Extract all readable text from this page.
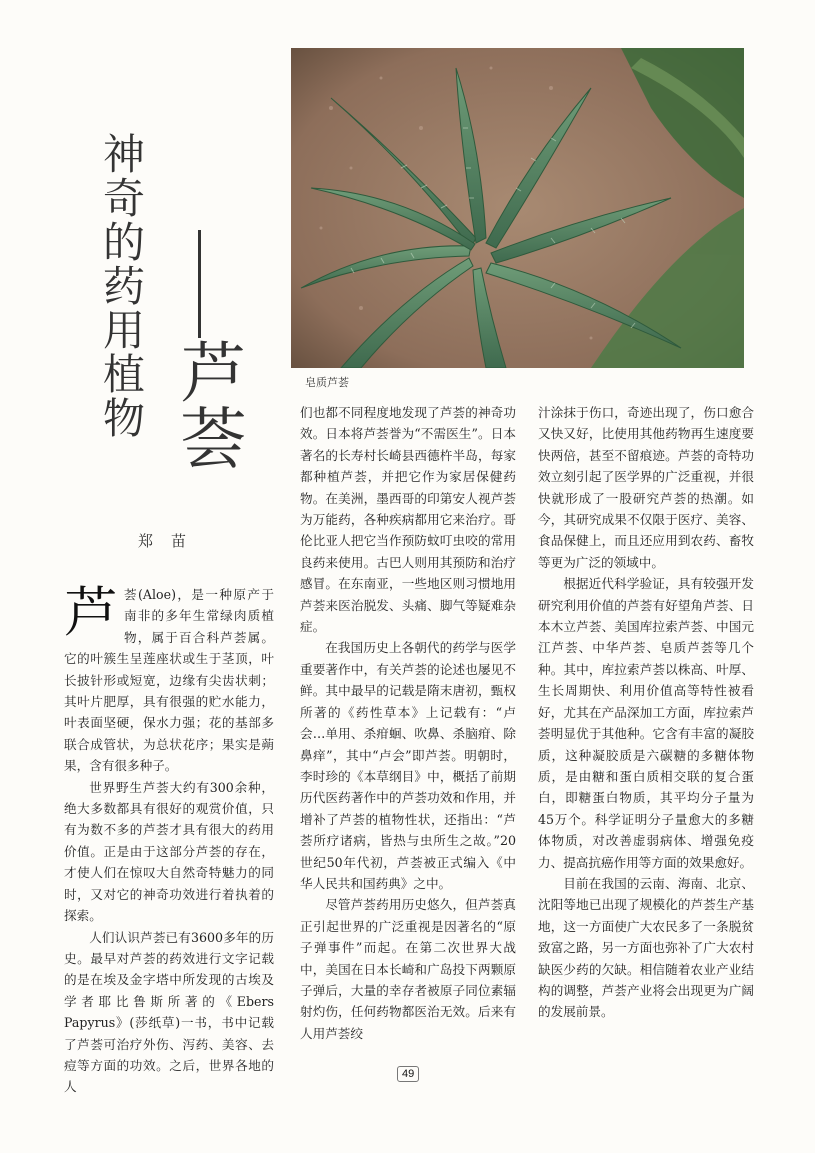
神奇的药用植物 芦荟
郑苗
皂质芦荟

芦荟(Aloe)，是一种原产于南非的多年生常绿肉质植物，属于百合科芦荟属。它的叶簇生呈莲座状或生于茎顶，叶长披针形或短宽，边缘有尖齿状刺；其叶片肥厚，具有很强的贮水能力，叶表面坚硬，保水力强；花的基部多联合成管状，为总状花序；果实是蒴果，含有很多种子。

世界野生芦荟大约有300余种，绝大多数都具有很好的观赏价值，只有为数不多的芦荟才具有很大的药用价值。正是由于这部分芦荟的存在，才使人们在惊叹大自然奇特魅力的同时，又对它的神奇功效进行着执着的探索。

人们认识芦荟已有3600多年的历史。最早对芦荟的药效进行文字记载的是在埃及金字塔中所发现的古埃及学者耶比鲁斯所著的《Ebers Papyrus》(莎纸草)一书，书中记载了芦荟可治疗外伤、泻药、美容、去痘等方面的功效。之后，世界各地的人

们也都不同程度地发现了芦荟的神奇功效。日本将芦荟誉为“不需医生”。日本著名的长寿村长崎县西德杵半岛，每家都种植芦荟，并把它作为家居保健药物。在美洲，墨西哥的印第安人视芦荟为万能药，各种疾病都用它来治疗。哥伦比亚人把它当作预防蚊叮虫咬的常用良药来使用。古巴人则用其预防和治疗感冒。在东南亚，一些地区则习惯地用芦荟来医治脱发、头痛、脚气等疑难杂症。

在我国历史上各朝代的药学与医学重要著作中，有关芦荟的论述也屡见不鲜。其中最早的记载是隋末唐初，甄权所著的《药性草本》上记载有：“卢会…单用、杀疳蛔、吹鼻、杀脑疳、除鼻痒”，其中“卢会”即芦荟。明朝时，李时珍的《本草纲目》中，概括了前期历代医药著作中的芦荟功效和作用，并增补了芦荟的植物性状，还指出：“芦荟所疗诸病，皆热与虫所生之故。”20世纪50年代初，芦荟被正式编入《中华人民共和国药典》之中。

尽管芦荟药用历史悠久，但芦荟真正引起世界的广泛重视是因著名的“原子弹事件”而起。在第二次世界大战中，美国在日本长崎和广岛投下两颗原子弹后，大量的幸存者被原子同位素辐射灼伤，任何药物都医治无效。后来有人用芦荟绞

汁涂抹于伤口，奇迹出现了，伤口愈合又快又好，比使用其他药物再生速度要快两倍，甚至不留痕迹。芦荟的奇特功效立刻引起了医学界的广泛重视，并很快就形成了一股研究芦荟的热潮。如今，其研究成果不仅限于医疗、美容、食品保健上，而且还应用到农药、畜牧等更为广泛的领域中。

根据近代科学验证，具有较强开发研究利用价值的芦荟有好望角芦荟、日本木立芦荟、美国库拉索芦荟、中国元江芦荟、中华芦荟、皂质芦荟等几个种。其中，库拉索芦荟以株高、叶厚、生长周期快、利用价值高等特性被看好，尤其在产品深加工方面，库拉索芦荟明显优于其他种。它含有丰富的凝胶质，这种凝胶质是六碳糖的多糖体物质，是由糖和蛋白质相交联的复合蛋白，即糖蛋白物质，其平均分子量为45万个。科学证明分子量愈大的多糖体物质，对改善虚弱病体、增强免疫力、提高抗癌作用等方面的效果愈好。

目前在我国的云南、海南、北京、沈阳等地已出现了规模化的芦荟生产基地，这一方面使广大农民多了一条脱贫致富之路，另一方面也弥补了广大农村缺医少药的欠缺。相信随着农业产业结构的调整，芦荟产业将会出现更为广阔的发展前景。

49
